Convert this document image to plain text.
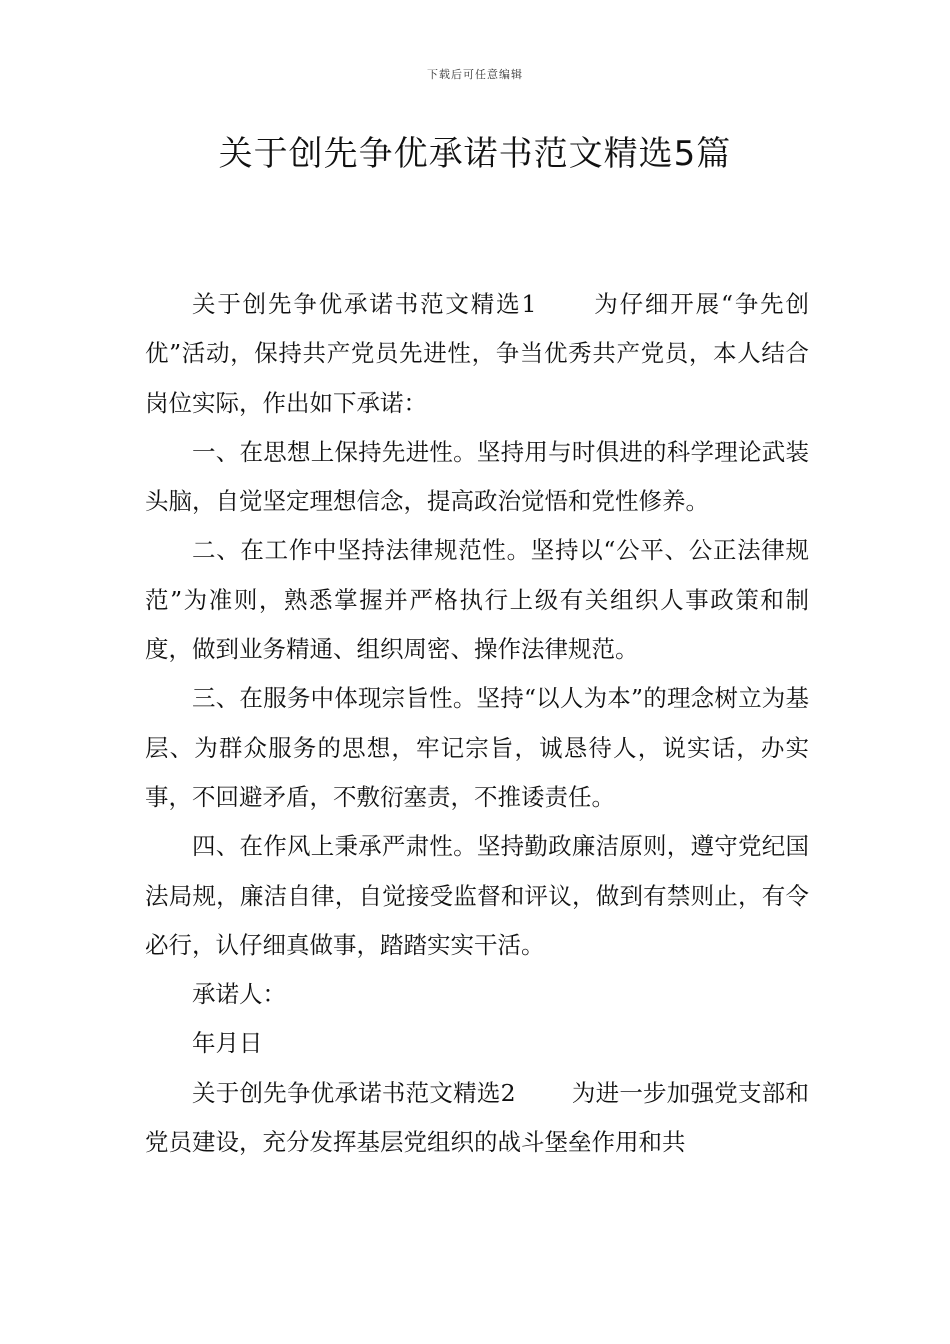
下载后可任意编辑
关于创先争优承诺书范文精选5篇

关于创先争优承诺书范文精选1 为仔细开展“争先创优”活动，保持共产党员先进性，争当优秀共产党员，本人结合岗位实际，作出如下承诺：

一、在思想上保持先进性。坚持用与时俱进的科学理论武装头脑，自觉坚定理想信念，提高政治觉悟和党性修养。

二、在工作中坚持法律规范性。坚持以“公平、公正法律规范”为准则，熟悉掌握并严格执行上级有关组织人事政策和制度，做到业务精通、组织周密、操作法律规范。

三、在服务中体现宗旨性。坚持“以人为本”的理念树立为基层、为群众服务的思想，牢记宗旨，诚恳待人，说实话，办实事，不回避矛盾，不敷衍塞责，不推诿责任。

四、在作风上秉承严肃性。坚持勤政廉洁原则，遵守党纪国法局规，廉洁自律，自觉接受监督和评议，做到有禁则止，有令必行，认仔细真做事，踏踏实实干活。

承诺人：

年月日

关于创先争优承诺书范文精选2 为进一步加强党支部和党员建设，充分发挥基层党组织的战斗堡垒作用和共
